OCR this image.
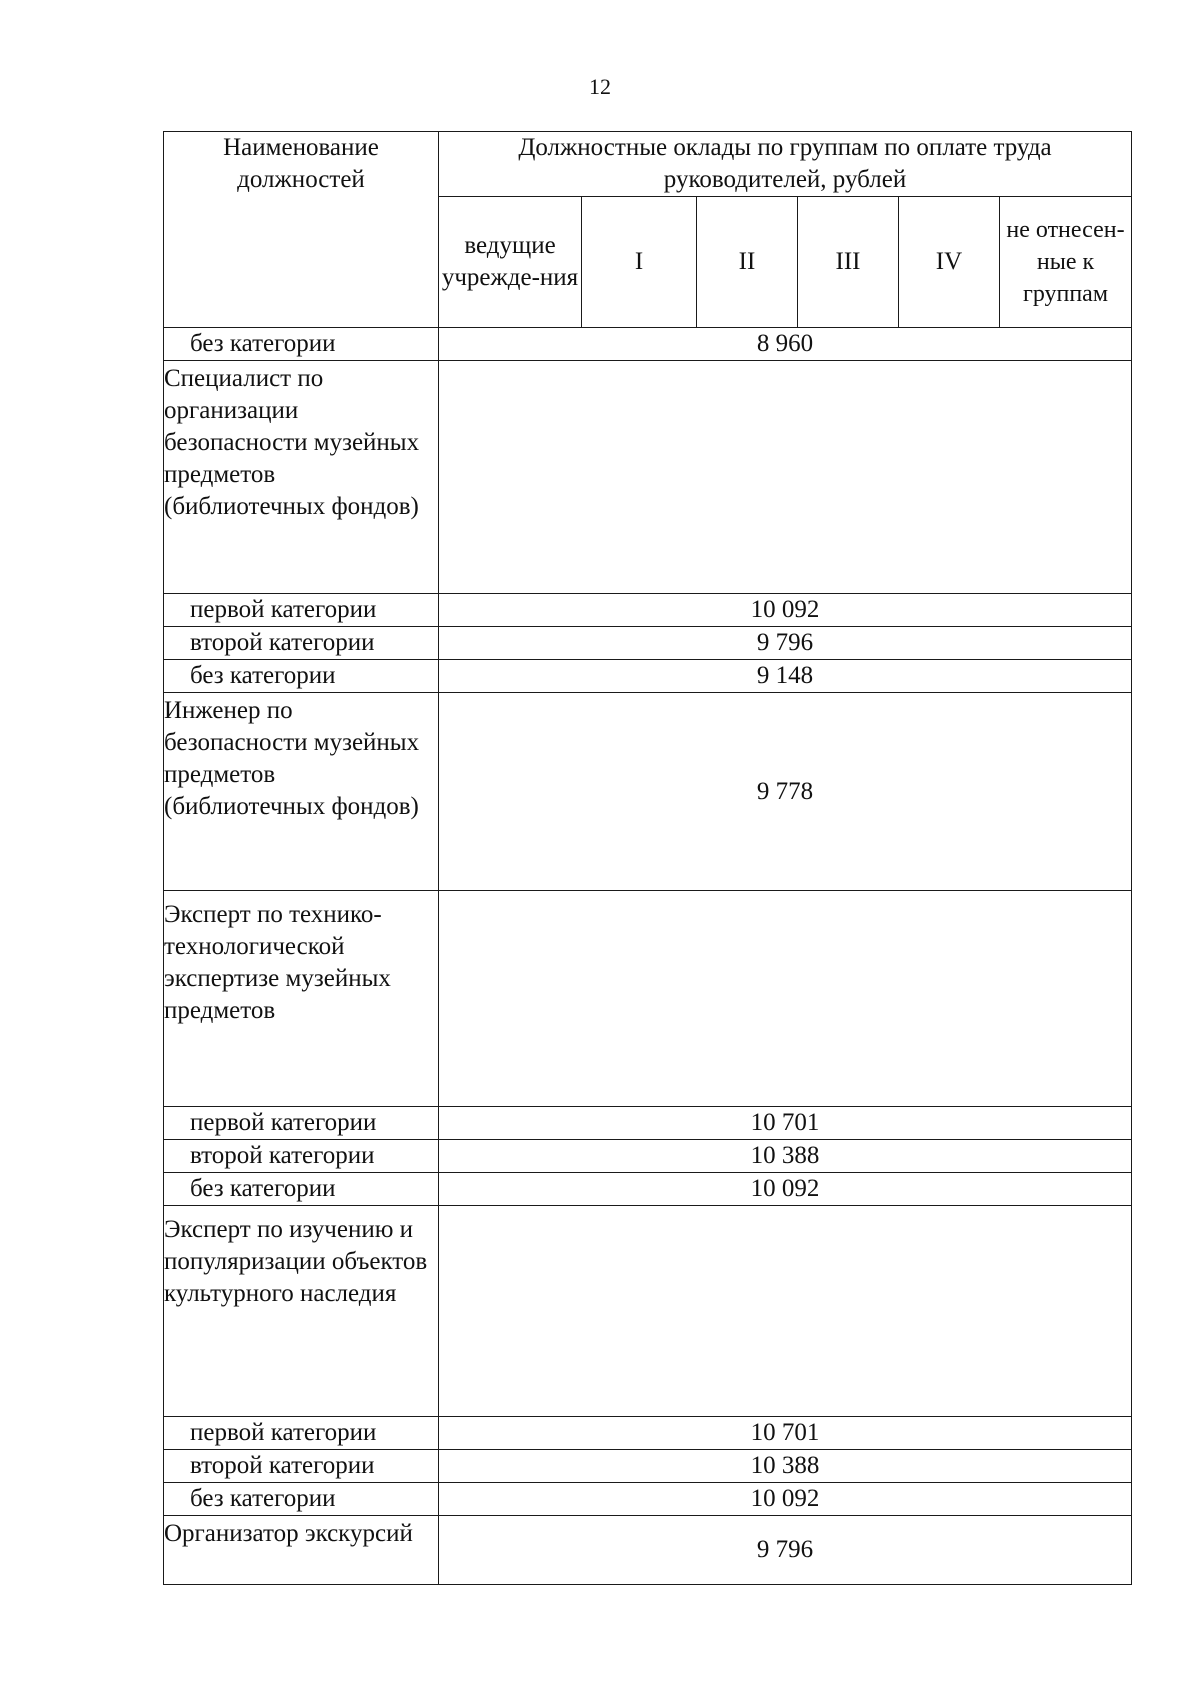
12
Наименование должностей	Должностные оклады по группам по оплате труда руководителей, рублей					
	ведущие учрежде-ния	I	II	III	IV	не отнесен-ные к группам
без категории	8 960					
Специалист по организации безопасности музейных предметов (библиотечных фондов)						
первой категории	10 092					
второй категории	9 796					
без категории	9 148					
Инженер по безопасности музейных предметов (библиотечных фондов)	9 778					
Эксперт по технико-технологической экспертизе музейных предметов						
первой категории	10 701					
второй категории	10 388					
без категории	10 092					
Эксперт по изучению и популяризации объектов культурного наследия						
первой категории	10 701					
второй категории	10 388					
без категории	10 092					
Организатор экскурсий	9 796					
